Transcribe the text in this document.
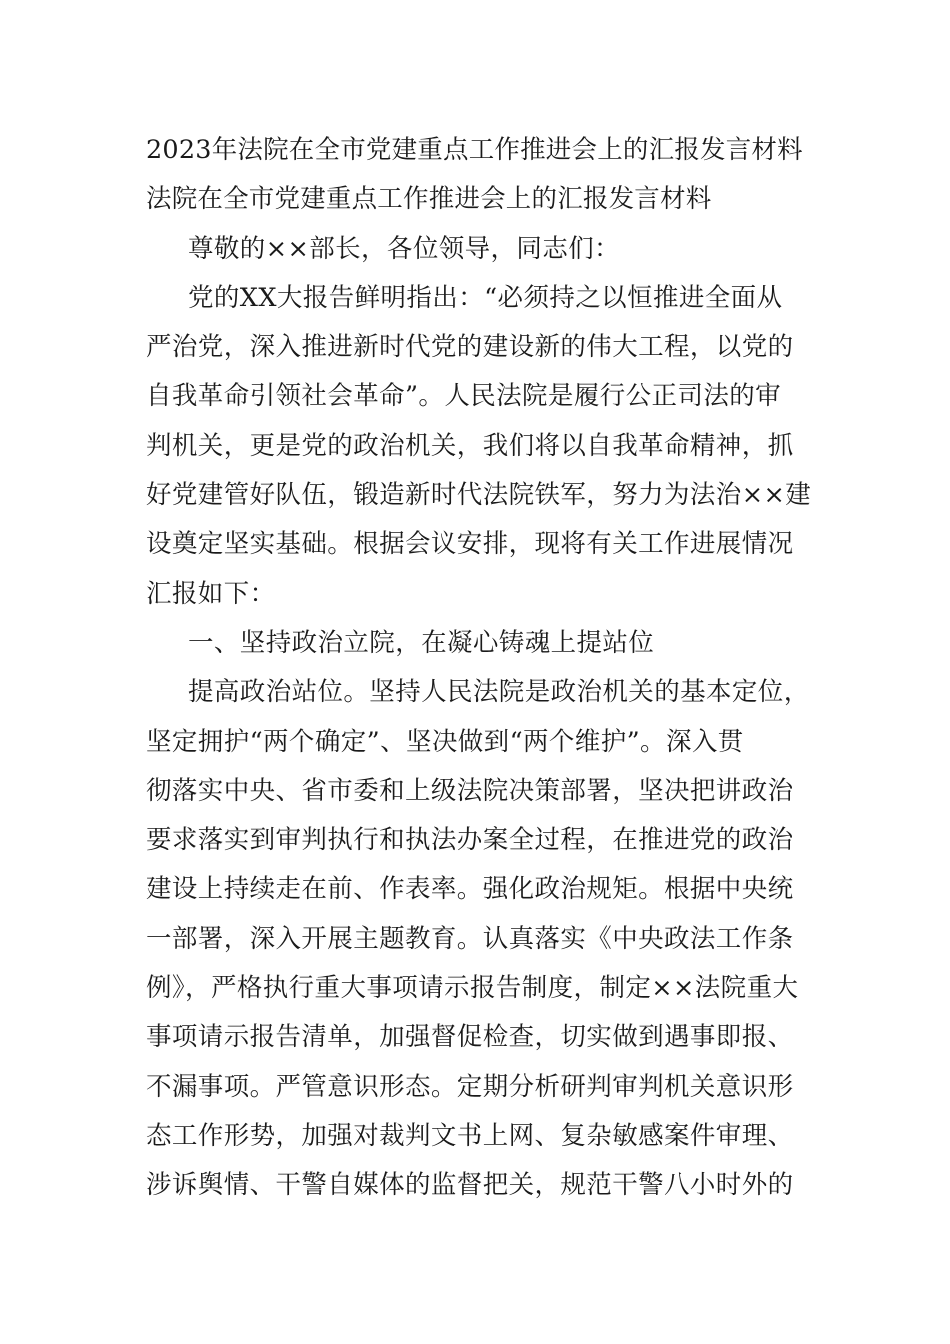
2023年法院在全市党建重点工作推进会上的汇报发言材料
法院在全市党建重点工作推进会上的汇报发言材料
尊敬的××部长，各位领导，同志们：
党的XX大报告鲜明指出：“必须持之以恒推进全面从
严治党，深入推进新时代党的建设新的伟大工程，以党的
自我革命引领社会革命”。人民法院是履行公正司法的审
判机关，更是党的政治机关，我们将以自我革命精神，抓
好党建管好队伍，锻造新时代法院铁军，努力为法治××建
设奠定坚实基础。根据会议安排，现将有关工作进展情况
汇报如下：
一、坚持政治立院，在凝心铸魂上提站位
提高政治站位。坚持人民法院是政治机关的基本定位，
坚定拥护“两个确定”、坚决做到“两个维护”。深入贯
彻落实中央、省市委和上级法院决策部署，坚决把讲政治
要求落实到审判执行和执法办案全过程，在推进党的政治
建设上持续走在前、作表率。强化政治规矩。根据中央统
一部署，深入开展主题教育。认真落实《中央政法工作条
例》，严格执行重大事项请示报告制度，制定××法院重大
事项请示报告清单，加强督促检查，切实做到遇事即报、
不漏事项。严管意识形态。定期分析研判审判机关意识形
态工作形势，加强对裁判文书上网、复杂敏感案件审理、
涉诉舆情、干警自媒体的监督把关，规范干警八小时外的
